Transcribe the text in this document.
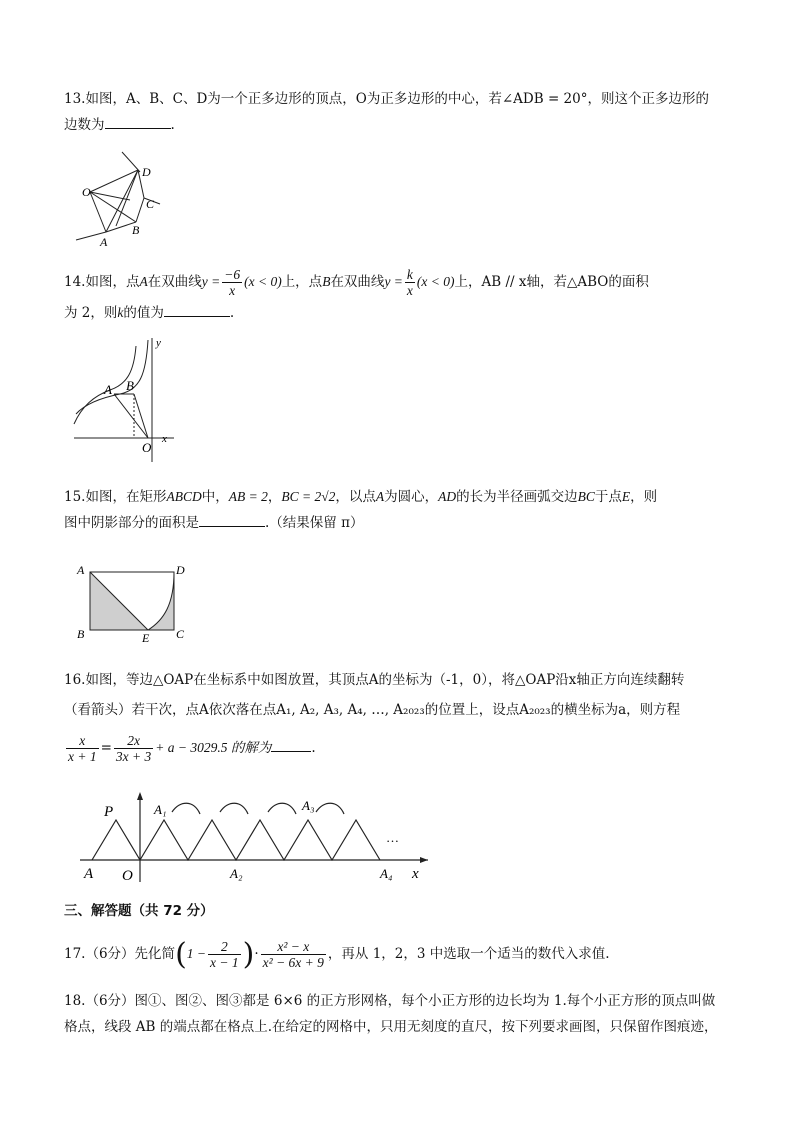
13.如图，A、B、C、D为一个正多边形的顶点，O为正多边形的中心，若∠ADB = 20°，则这个正多边形的
边数为	.
O
D
C
B
A
14.如图，点A在双曲线$y = \frac{-6}{x} (x < 0)$上，点B在双曲线$y = \frac{k}{x} (x < 0)$上，AB // x轴，若△ABO的面积
为 2，则k的值为	.
y
A B
O
x
15.如图，在矩形ABCD中，AB = 2，BC = 2√2，以点A为圆心，AD的长为半径画弧交边BC于点E，则
图中阴影部分的面积是	.（结果保留 π）
A	D
B	E C
16.如图，等边△OAP在坐标系中如图放置，其顶点A的坐标为（-1，0），将△OAP沿x轴正方向连续翻转
（看箭头）若干次，点A依次落在点A₁, A₂, A₃, A₄, …, A₂₀₂₃的位置上，设点A₂₀₂₃的横坐标为a，则方程
$\frac{x}{x + 1} = \frac{2x}{3x + 3} + a - 3029.5$ 的解为	.
P	A₁	A₃
…
A O	A₂	A₄ x
三、解答题（共 72 分）
17.（6分）先化简($1 - \frac{2}{x - 1}$ )· $\frac{\text{x² − x}}{\text{x² − 6x + 9}}$ ，再从 1，2，3 中选取一个适当的数代入求值.
18.（6分）图①、图②、图③都是 6×6 的正方形网格，每个小正方形的边长均为 1.每个小正方形的顶点叫做
格点，线段 AB 的端点都在格点上.在给定的网格中，只用无刻度的直尺，按下列要求画图，只保留作图痕迹，
